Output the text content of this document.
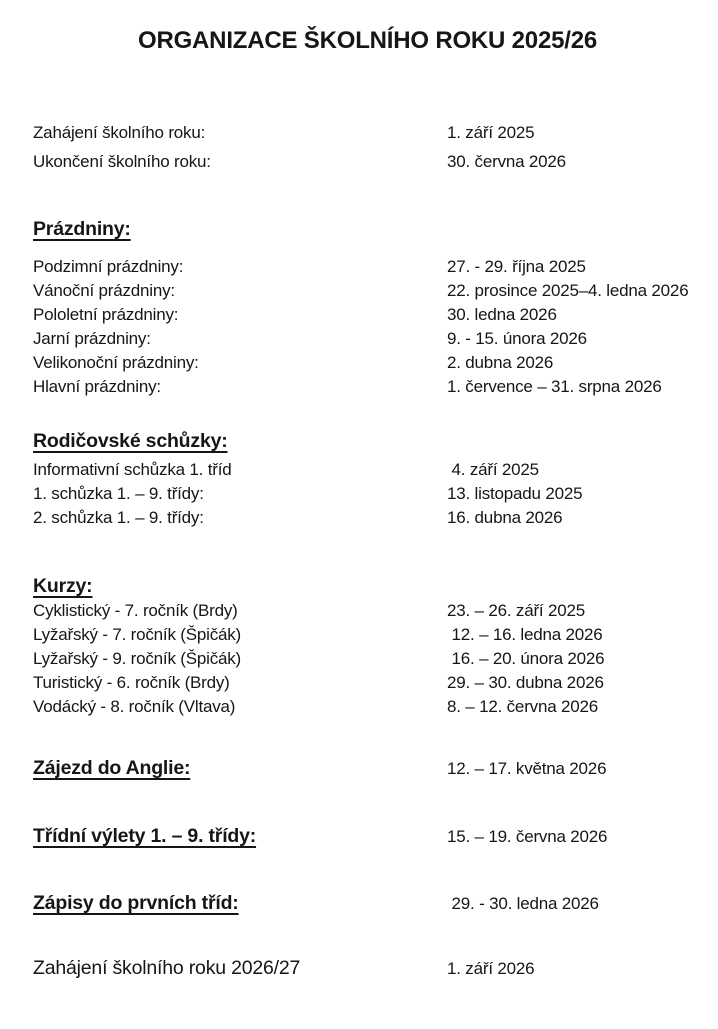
ORGANIZACE ŠKOLNÍHO ROKU 2025/26
Zahájení školního roku:	1. září 2025
Ukončení školního roku:	30. června 2026
Prázdniny:
Podzimní prázdniny:	27. - 29. října 2025
Vánoční prázdniny:	22. prosince 2025–4. ledna 2026
Pololetní prázdniny:	30. ledna 2026
Jarní prázdniny:	9. - 15. února 2026
Velikonoční prázdniny:	2. dubna 2026
Hlavní prázdniny:	1. července – 31. srpna 2026
Rodičovské schůzky:
Informativní schůzka 1. tříd	4. září 2025
1. schůzka 1. – 9. třídy:	13. listopadu 2025
2. schůzka 1. – 9. třídy:	16. dubna 2026
Kurzy:
Cyklistický - 7. ročník (Brdy)	23. – 26. září 2025
Lyžařský - 7. ročník (Špičák)	12. – 16. ledna 2026
Lyžařský - 9. ročník (Špičák)	16. – 20. února 2026
Turistický - 6. ročník (Brdy)	29. – 30. dubna 2026
Vodácký - 8. ročník (Vltava)	8. – 12. června 2026
Zájezd do Anglie:	12. – 17. května 2026
Třídní výlety 1. – 9. třídy:	15. – 19. června 2026
Zápisy do prvních tříd:	29. - 30. ledna 2026
Zahájení školního roku 2026/27	1. září 2026
